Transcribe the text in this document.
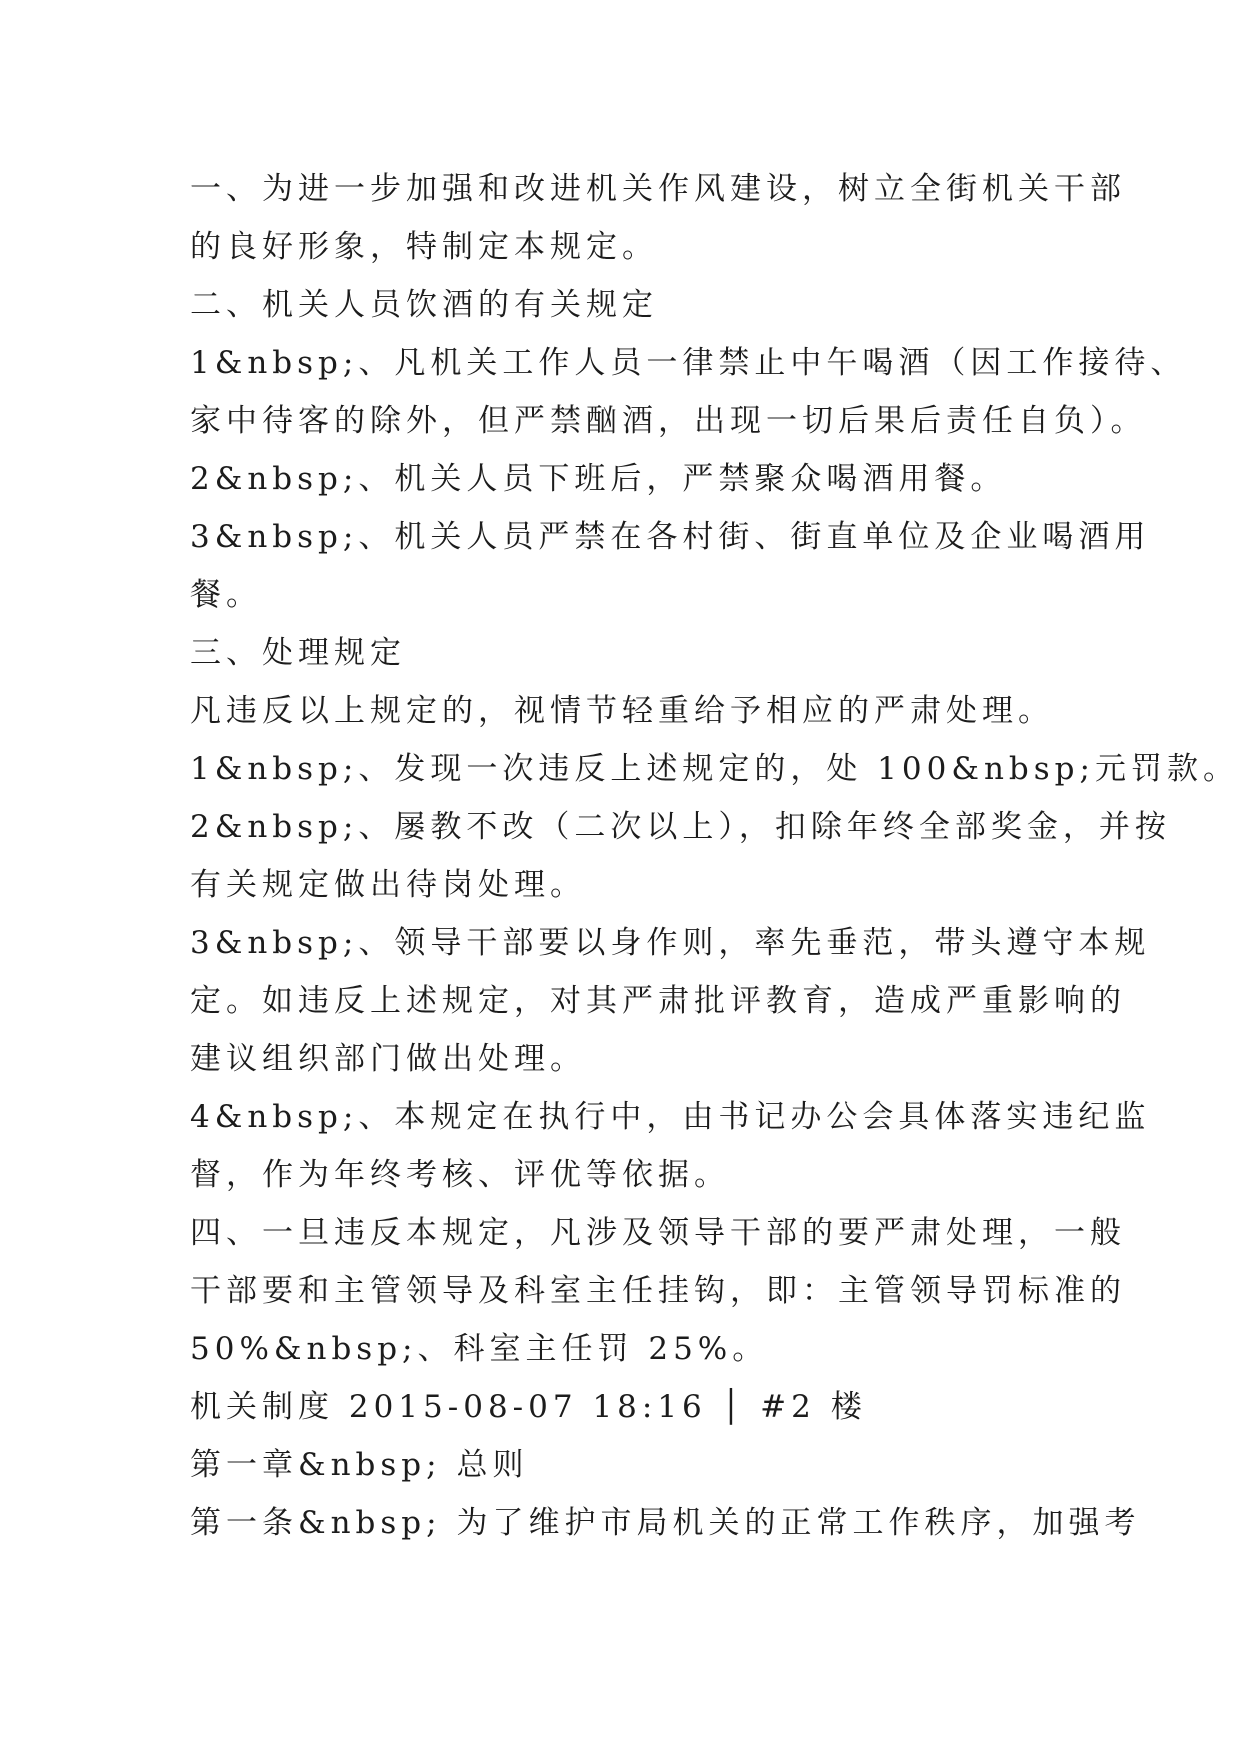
一、为进一步加强和改进机关作风建设，树立全街机关干部
的良好形象，特制定本规定。
二、机关人员饮酒的有关规定
1&nbsp;、凡机关工作人员一律禁止中午喝酒（因工作接待、
家中待客的除外，但严禁酗酒，出现一切后果后责任自负）。
2&nbsp;、机关人员下班后，严禁聚众喝酒用餐。
3&nbsp;、机关人员严禁在各村街、街直单位及企业喝酒用
餐。
三、处理规定
凡违反以上规定的，视情节轻重给予相应的严肃处理。
1&nbsp;、发现一次违反上述规定的，处 100&nbsp;元罚款。
2&nbsp;、屡教不改（二次以上），扣除年终全部奖金，并按
有关规定做出待岗处理。
3&nbsp;、领导干部要以身作则，率先垂范，带头遵守本规
定。如违反上述规定，对其严肃批评教育，造成严重影响的
建议组织部门做出处理。
4&nbsp;、本规定在执行中，由书记办公会具体落实违纪监
督，作为年终考核、评优等依据。
四、一旦违反本规定，凡涉及领导干部的要严肃处理，一般
干部要和主管领导及科室主任挂钩，即：主管领导罚标准的
50%&nbsp;、科室主任罚 25%。
机关制度 2015-08-07 18:16 │ #2 楼
第一章&nbsp; 总则
第一条&nbsp; 为了维护市局机关的正常工作秩序，加强考
